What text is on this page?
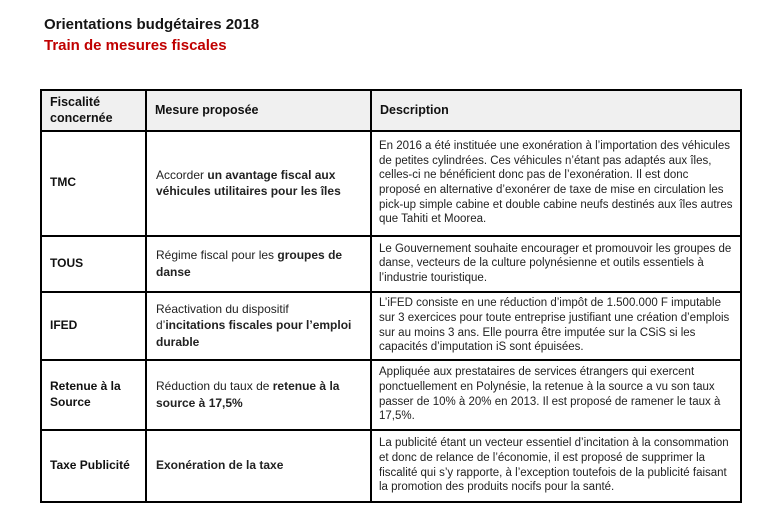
Orientations budgétaires 2018

Train de mesures fiscales

Fiscalité concernée	Mesure proposée	Description
TMC	Accorder un avantage fiscal aux véhicules utilitaires pour les îles	En 2016 a été instituée une exonération à l’importation des véhicules de petites cylindrées. Ces véhicules n’étant pas adaptés aux îles, celles-ci ne bénéficient donc pas de l’exonération. Il est donc proposé en alternative d’exonérer de taxe de mise en circulation les pick-up simple cabine et double cabine neufs destinés aux îles autres que Tahiti et Moorea.
TOUS	Régime fiscal pour les groupes de danse	Le Gouvernement souhaite encourager et promouvoir les groupes de danse, vecteurs de la culture polynésienne et outils essentiels à l’industrie touristique.
IFED	Réactivation du dispositif d’incitations fiscales pour l’emploi durable	L’iFED consiste en une réduction d’impôt de 1.500.000 F imputable sur 3 exercices pour toute entreprise justifiant une création d’emplois sur au moins 3 ans. Elle pourra être imputée sur la CSiS si les capacités d’imputation iS sont épuisées.
Retenue à la Source	Réduction du taux de retenue à la source à 17,5%	Appliquée aux prestataires de services étrangers qui exercent ponctuellement en Polynésie, la retenue à la source a vu son taux passer de 10% à 20% en 2013. Il est proposé de ramener le taux à 17,5%.
Taxe Publicité	Exonération de la taxe	La publicité étant un vecteur essentiel d’incitation à la consommation et donc de relance de l’économie, il est proposé de supprimer la fiscalité qui s’y rapporte, à l’exception toutefois de la publicité faisant la promotion des produits nocifs pour la santé.
